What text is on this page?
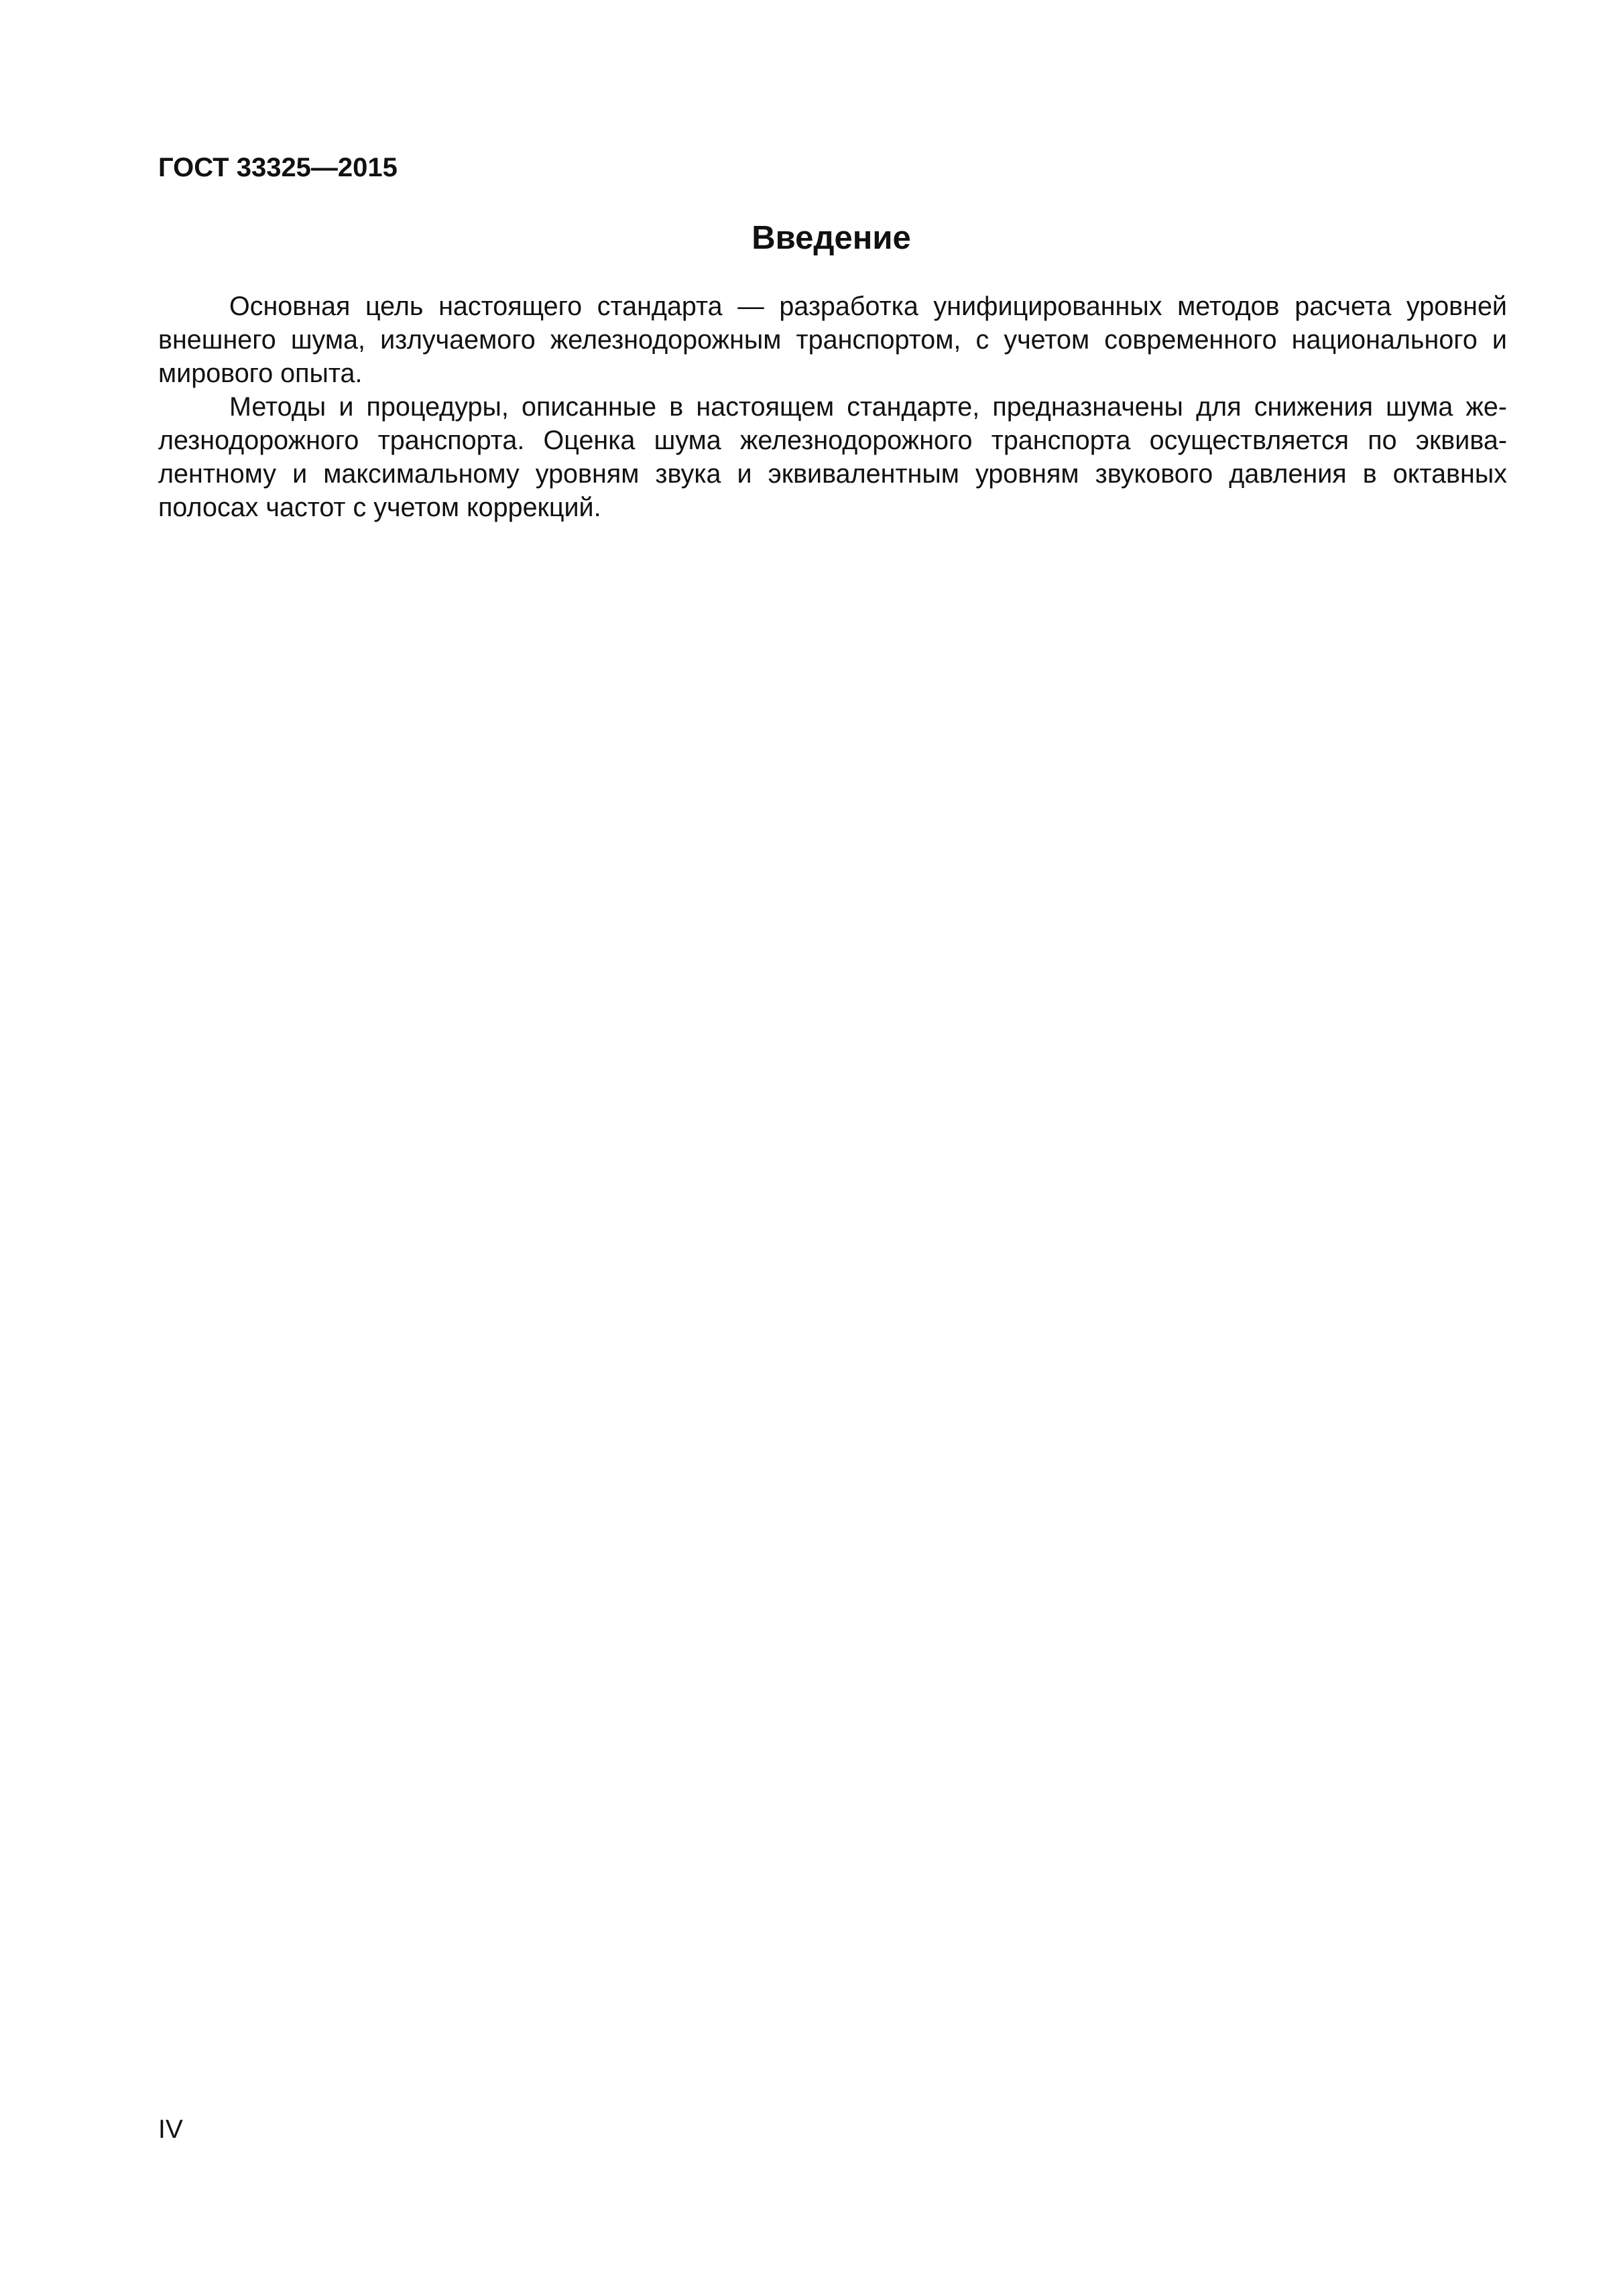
ГОСТ 33325—2015
Введение

Основная цель настоящего стандарта — разработка унифицированных методов расчета уровней внешнего шума, излучаемого железнодорожным транспортом, с учетом современного национального и мирового опыта.

Методы и процедуры, описанные в настоящем стандарте, предназначены для снижения шума железнодорожного транспорта. Оценка шума железнодорожного транспорта осуществляется по эквивалентному и максимальному уровням звука и эквивалентным уровням звукового давления в октавных полосах частот с учетом коррекций.

IV
